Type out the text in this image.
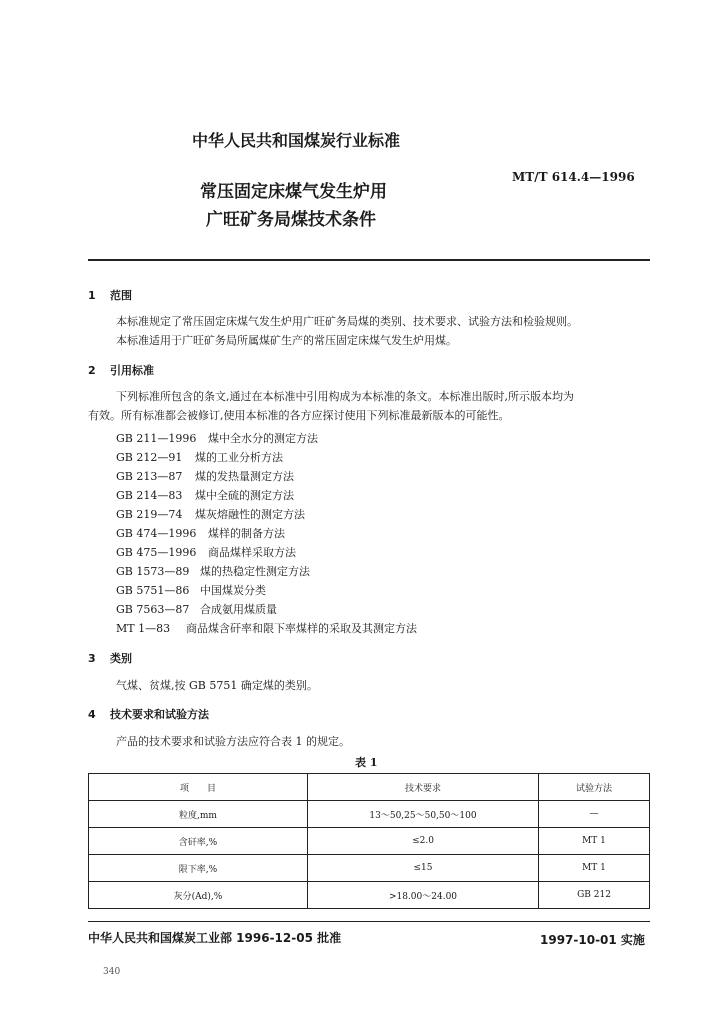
中华人民共和国煤炭行业标准
常压固定床煤气发生炉用
广旺矿务局煤技术条件
MT/T 614.4—1996
1 范围
本标准规定了常压固定床煤气发生炉用广旺矿务局煤的类别、技术要求、试验方法和检验规则。
本标准适用于广旺矿务局所属煤矿生产的常压固定床煤气发生炉用煤。
2 引用标准
下列标准所包含的条文,通过在本标准中引用构成为本标准的条文。本标准出版时,所示版本均为
有效。所有标准都会被修订,使用本标准的各方应探讨使用下列标准最新版本的可能性。
GB 211—1996 煤中全水分的测定方法
GB 212—91 煤的工业分析方法
GB 213—87 煤的发热量测定方法
GB 214—83 煤中全硫的测定方法
GB 219—74 煤灰熔融性的测定方法
GB 474—1996 煤样的制备方法
GB 475—1996 商品煤样采取方法
GB 1573—89 煤的热稳定性测定方法
GB 5751—86 中国煤炭分类
GB 7563—87 合成氨用煤质量
MT 1—83 商品煤含矸率和限下率煤样的采取及其测定方法
3 类别
气煤、贫煤,按 GB 5751 确定煤的类别。
4 技术要求和试验方法
产品的技术要求和试验方法应符合表 1 的规定。
表 1
项　　目	技术要求	试验方法
粒度,mm	13～50,25～50,50～100	—
含矸率,%	≤2.0	MT 1
限下率,%	≤15	MT 1
灰分(Ad),%	>18.00～24.00	GB 212
中华人民共和国煤炭工业部 1996-12-05 批准	1997-10-01 实施
340
